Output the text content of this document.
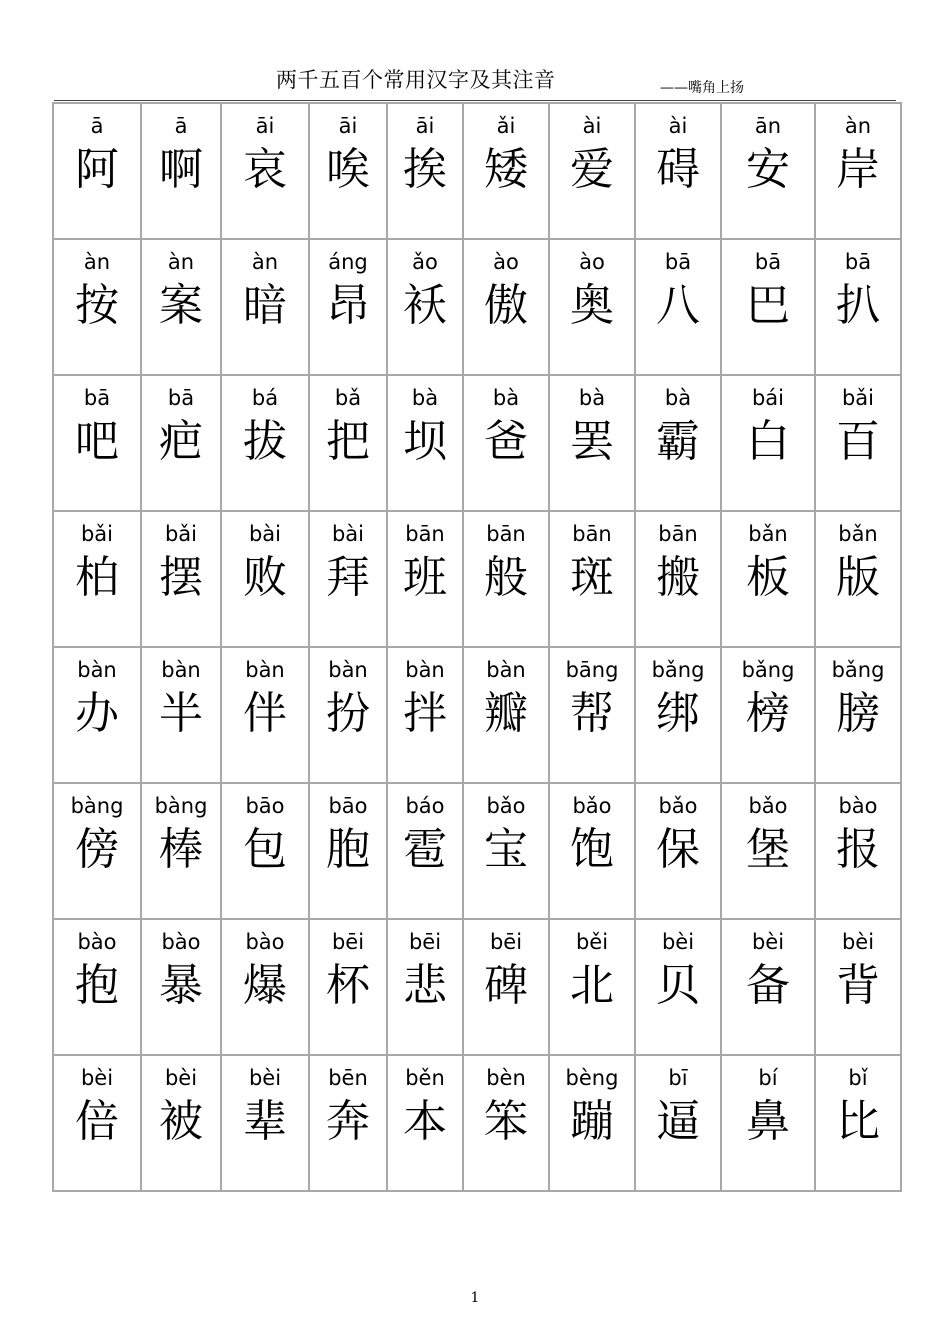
两千五百个常用汉字及其注音	——嘴角上扬
ā
阿
ā
啊
āi
哀
āi
唉
āi
挨
ǎi
矮
ài
爱
ài
碍
ān
安
àn
岸
àn
按
àn
案
àn
暗
áng
昂
ǎo
袄
ào
傲
ào
奥
bā
八
bā
巴
bā
扒
bā
吧
bā
疤
bá
拔
bǎ
把
bà
坝
bà
爸
bà
罢
bà
霸
bái
白
bǎi
百
bǎi
柏
bǎi
摆
bài
败
bài
拜
bān
班
bān
般
bān
斑
bān
搬
bǎn
板
bǎn
版
bàn
办
bàn
半
bàn
伴
bàn
扮
bàn
拌
bàn
瓣
bāng
帮
bǎng
绑
bǎng
榜
bǎng
膀
bàng
傍
bàng
棒
bāo
包
bāo
胞
báo
雹
bǎo
宝
bǎo
饱
bǎo
保
bǎo
堡
bào
报
bào
抱
bào
暴
bào
爆
bēi
杯
bēi
悲
bēi
碑
běi
北
bèi
贝
bèi
备
bèi
背
bèi
倍
bèi
被
bèi
辈
bēn
奔
běn
本
bèn
笨
bèng
蹦
bī
逼
bí
鼻
bǐ
比
1
